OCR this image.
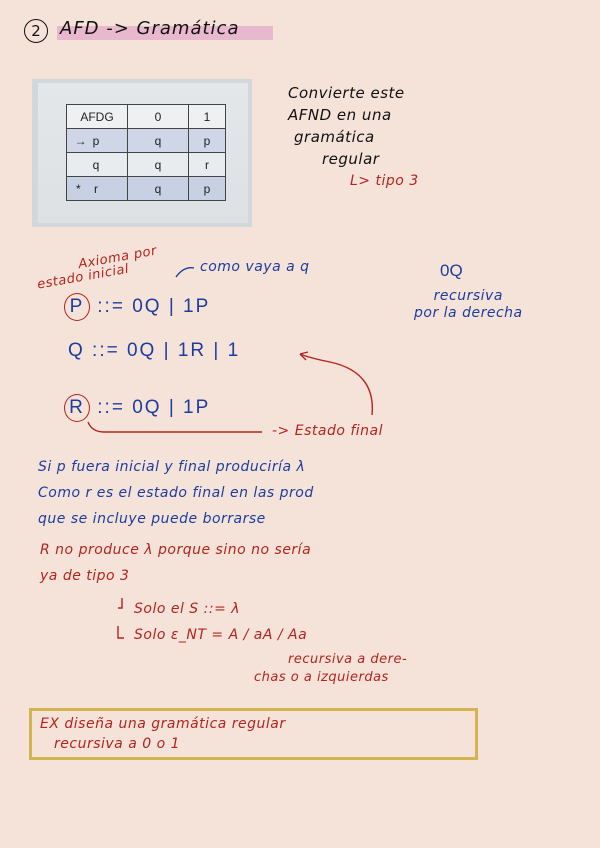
2	AFD -> Gramática
AFDG	0	1
→ p	q	p
q	q	r
* r	q	p
Convierte este
AFND en una
gramática
regular
L> tipo 3
Axioma por
estado inicial	como vaya a q	0Q
recursiva
por la derecha
P ::= 0Q | 1P
Q ::= 0Q | 1R | 1
R ::= 0Q | 1P
-> Estado final
Si p fuera inicial y final produciría λ
Como r es el estado final en las prod
que se incluye puede borrarse
R no produce λ porque sino no sería
ya de tipo 3
Solo el S ::= λ
Solo ε_NT = A / aA / Aa
recursiva a dere-
chas o a izquierdas
EX diseña una gramática regular
recursiva a 0 o 1
